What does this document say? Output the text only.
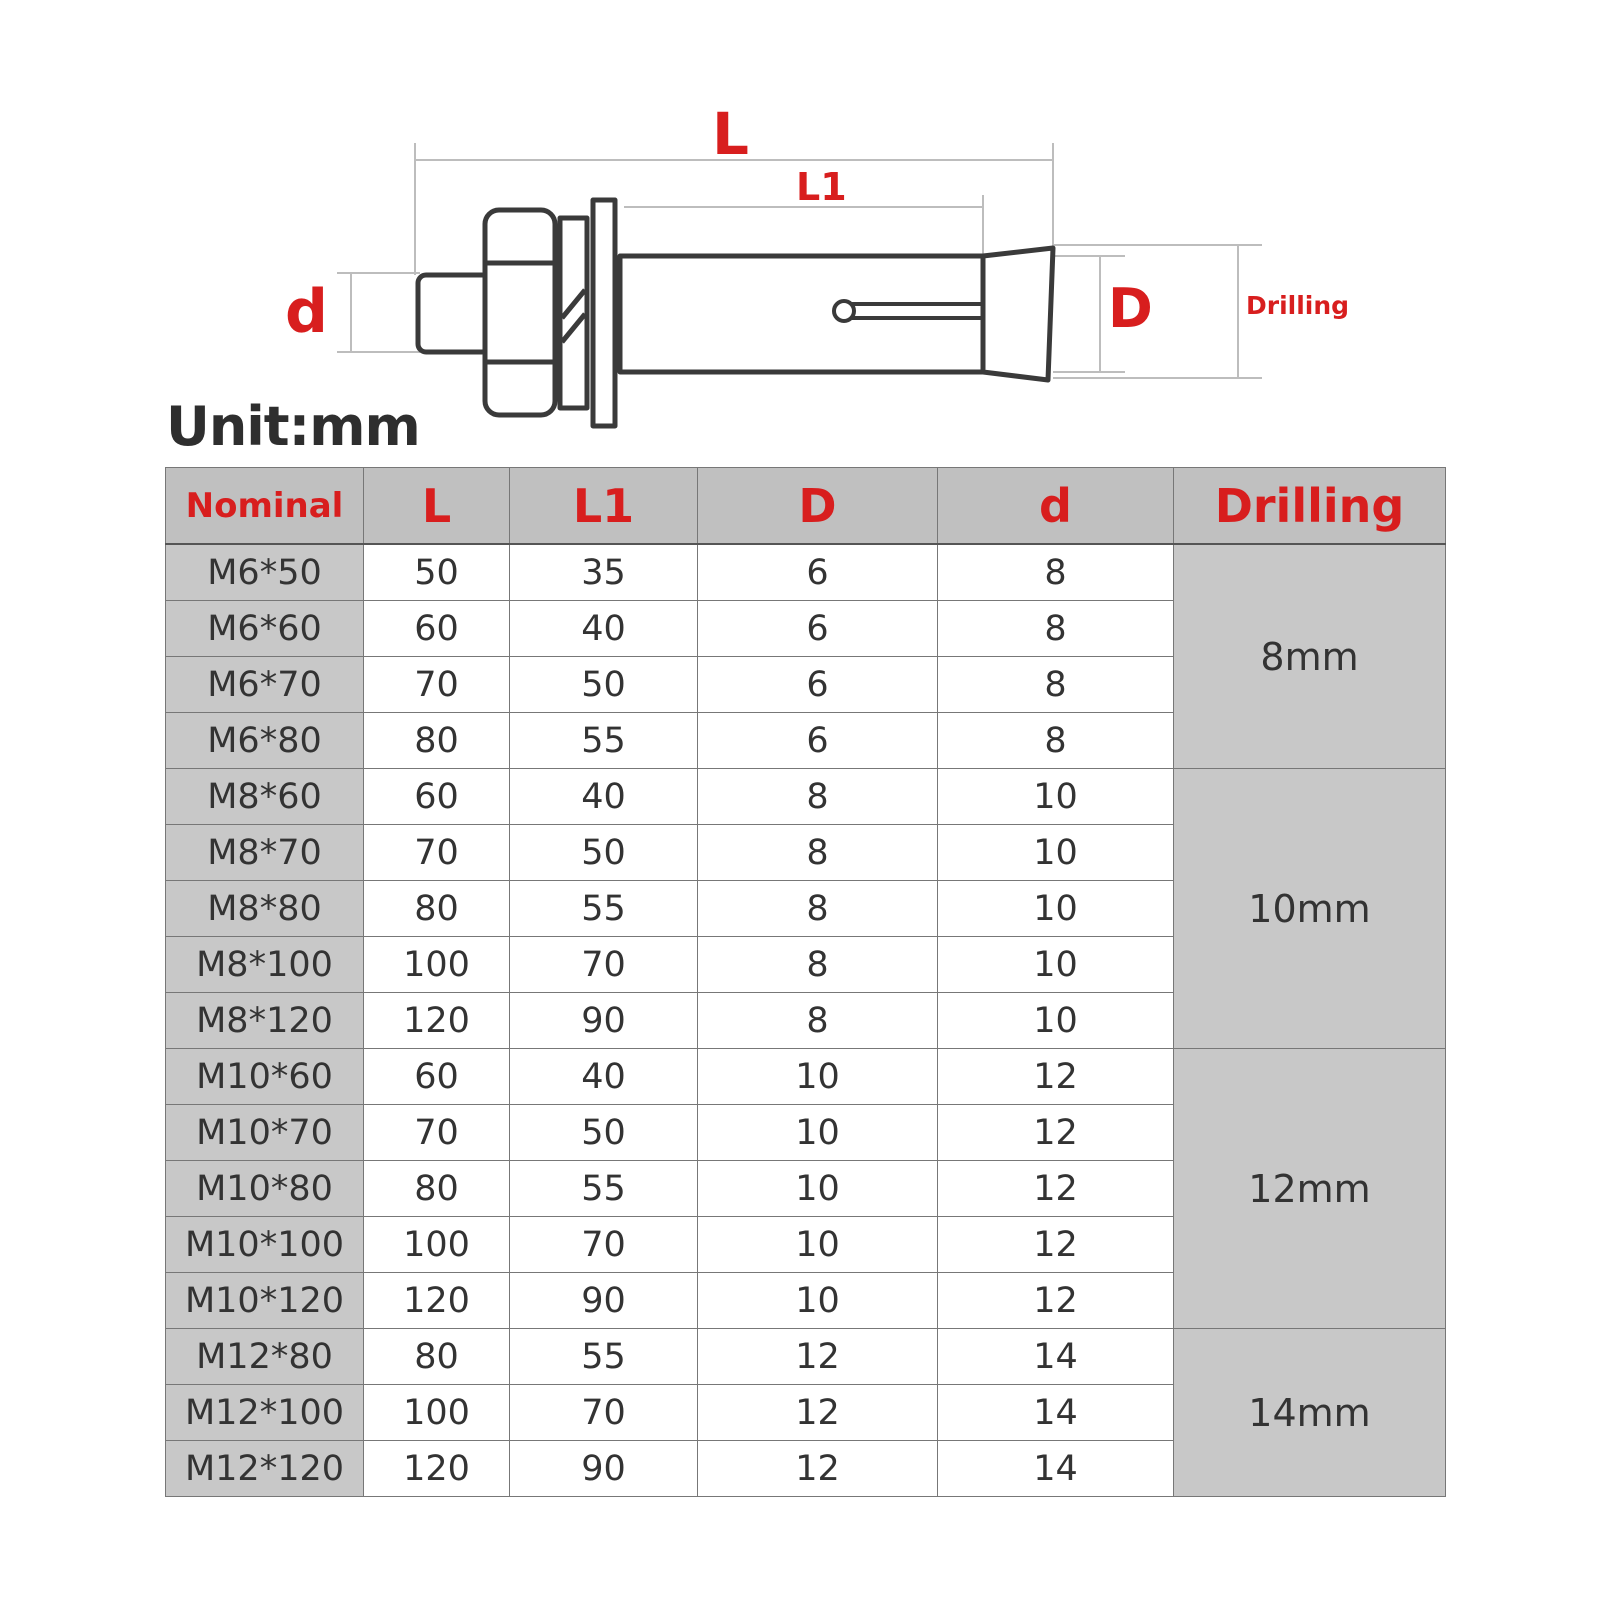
L
L1
d	D	Drilling
Unit:mm
Nominal	L	L1	D	d	Drilling
M6*50	50	35	6	8	8mm
M6*60	60	40	6	8	
M6*70	70	50	6	8	
M6*80	80	55	6	8	
M8*60	60	40	8	10	10mm
M8*70	70	50	8	10	
M8*80	80	55	8	10	
M8*100	100	70	8	10	
M8*120	120	90	8	10	
M10*60	60	40	10	12	12mm
M10*70	70	50	10	12	
M10*80	80	55	10	12	
M10*100	100	70	10	12	
M10*120	120	90	10	12	
M12*80	80	55	12	14	14mm
M12*100	100	70	12	14	
M12*120	120	90	12	14	
